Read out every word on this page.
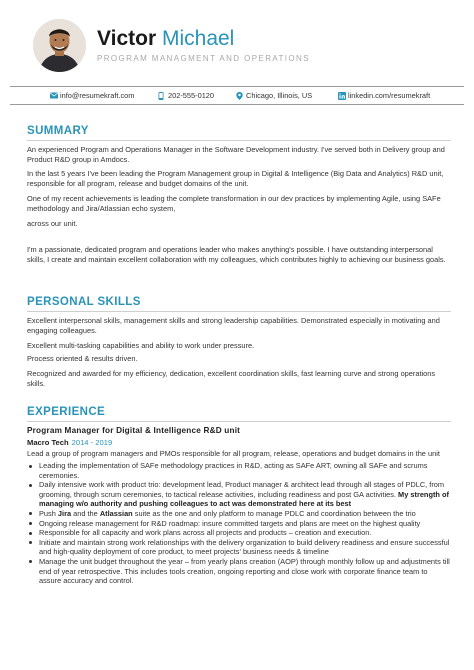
Victor Michael
PROGRAM MANAGMENT AND OPERATIONS
info@resumekraft.com	202-555-0120	Chicago, Illinois, US	linkedin.com/resumekraft
SUMMARY
An experienced Program and Operations Manager in the Software Development industry. I've served both in Delivery group and Product R&D group in Amdocs.
In the last 5 years I've been leading the Program Management group in Digital & Intelligence (Big Data and Analytics) R&D unit, responsible for all program, release and budget domains of the unit.
One of my recent achievements is leading the complete transformation in our dev practices by implementing Agile, using SAFe methodology and Jira/Atlassian echo system,
across our unit.
I'm a passionate, dedicated program and operations leader who makes anything's possible. I have outstanding interpersonal skills, I create and maintain excellent collaboration with my colleagues, which contributes highly to achieving our business goals.
PERSONAL SKILLS
Excellent interpersonal skills, management skills and strong leadership capabilities. Demonstrated especially in motivating and engaging colleagues.
Excellent multi-tasking capabilities and ability to work under pressure.
Process oriented & results driven.
Recognized and awarded for my efficiency, dedication, excellent coordination skills, fast learning curve and strong operations skills.
EXPERIENCE
Program Manager for Digital & Intelligence R&D unit
Macro Tech 2014 - 2019
Lead a group of program managers and PMOs responsible for all program, release, operations and budget domains in the unit
Leading the implementation of SAFe methodology practices in R&D, acting as SAFe ART, owning all SAFe and scrums ceremonies.
Daily intensive work with product trio: development lead, Product manager & architect lead through all stages of PDLC, from grooming, through scrum ceremonies, to tactical release activities, including readiness and post GA activities. My strength of managing w/o authority and pushing colleagues to act was demonstrated here at its best
Push Jira and the Atlassian suite as the one and only platform to manage PDLC and coordination between the trio
Ongoing release management for R&D roadmap: insure committed targets and plans are meet on the highest quality
Responsible for all capacity and work plans across all projects and products – creation and execution.
Initiate and maintain strong work relationships with the delivery organization to build delivery readiness and ensure successful and high-quality deployment of core product, to meet projects' business needs & timeline
Manage the unit budget throughout the year – from yearly plans creation (AOP) through monthly follow up and adjustments till end of year retrospective. This includes tools creation, ongoing reporting and close work with corporate finance team to assure accuracy and control.
